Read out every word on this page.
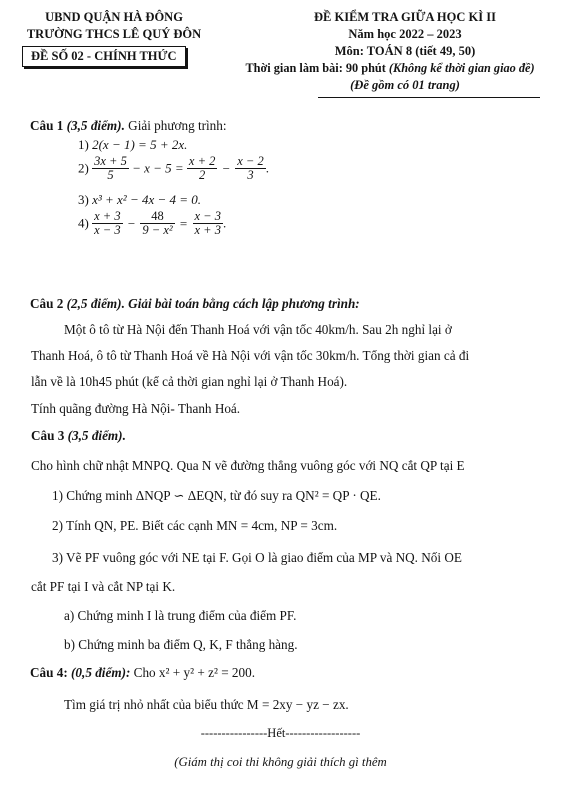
UBND QUẬN HÀ ĐÔNG
TRƯỜNG THCS LÊ QUÝ ĐÔN
ĐỀ SỐ 02 - CHÍNH THỨC
ĐỀ KIỂM TRA GIỮA HỌC KÌ II
Năm học 2022 – 2023
Môn: TOÁN 8 (tiết 49, 50)
Thời gian làm bài: 90 phút (Không kể thời gian giao đề)
(Đề gồm có 01 trang)
Câu 1 (3,5 điểm). Giải phương trình:
1) 2(x − 1) = 5 + 2x.
$2) \frac{3x + 5}{5} - x - 5 = \frac{x + 2}{2} - \frac{x - 2}{3}$ .
3) x³ + x² − 4x − 4 = 0.
$4) \frac{x + 3}{x - 3} - \frac{48}{\text{9 − x²}} = \frac{x - 3}{x + 3}$ .
Câu 2 (2,5 điểm). Giải bài toán bằng cách lập phương trình:
Một ô tô từ Hà Nội đến Thanh Hoá với vận tốc 40km/h. Sau 2h nghỉ lại ở
Thanh Hoá, ô tô từ Thanh Hoá về Hà Nội với vận tốc 30km/h. Tổng thời gian cả đi
lẫn về là 10h45 phút (kể cả thời gian nghỉ lại ở Thanh Hoá).
Tính quãng đường Hà Nội- Thanh Hoá.
Câu 3 (3,5 điểm).
Cho hình chữ nhật MNPQ. Qua N vẽ đường thẳng vuông góc với NQ cắt QP tại E
1) Chứng minh ΔNQP ∽ ΔEQN, từ đó suy ra QN² = QP · QE.
2) Tính QN, PE. Biết các cạnh MN = 4cm, NP = 3cm.
3) Vẽ PF vuông góc với NE tại F. Gọi O là giao điểm của MP và NQ. Nối OE
cắt PF tại I và cắt NP tại K.
a) Chứng minh I là trung điểm của điểm PF.
b) Chứng minh ba điểm Q, K, F thẳng hàng.
Câu 4: (0,5 điểm): Cho x² + y² + z² = 200.
Tìm giá trị nhỏ nhất của biểu thức M = 2xy − yz − zx.
----------------Hết------------------
(Giám thị coi thi không giải thích gì thêm
